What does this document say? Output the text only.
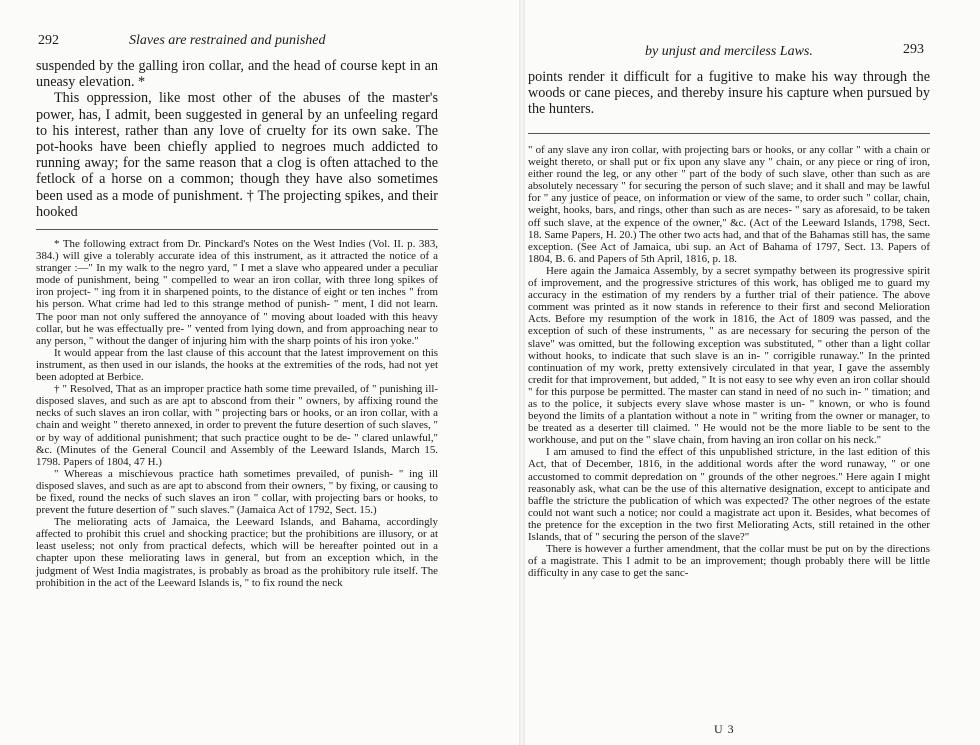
292	Slaves are restrained and punished

suspended by the galling iron collar, and the head of course kept in an uneasy elevation. *

This oppression, like most other of the abuses of the master's power, has, I admit, been suggested in general by an unfeeling regard to his interest, rather than any love of cruelty for its own sake. The pot-hooks have been chiefly applied to negroes much addicted to running away; for the same reason that a clog is often attached to the fetlock of a horse on a common; though they have also sometimes been used as a mode of punishment. † The projecting spikes, and their hooked

* The following extract from Dr. Pinckard's Notes on the West Indies (Vol. II. p. 383, 384.) will give a tolerably accurate idea of this instrument, as it attracted the notice of a stranger :—" In my walk to the negro yard, " I met a slave who appeared under a peculiar mode of punishment, being " compelled to wear an iron collar, with three long spikes of iron project- " ing from it in sharpened points, to the distance of eight or ten inches " from his person. What crime had led to this strange method of punish- " ment, I did not learn. The poor man not only suffered the annoyance of " moving about loaded with this heavy collar, but he was effectually pre- " vented from lying down, and from approaching near to any person, " without the danger of injuring him with the sharp points of his iron yoke."

It would appear from the last clause of this account that the latest improvement on this instrument, as then used in our islands, the hooks at the extremities of the rods, had not yet been adopted at Berbice.

† " Resolved, That as an improper practice hath some time prevailed, of " punishing ill-disposed slaves, and such as are apt to abscond from their " owners, by affixing round the necks of such slaves an iron collar, with " projecting bars or hooks, or an iron collar, with a chain and weight " thereto annexed, in order to prevent the future desertion of such slaves, " or by way of additional punishment; that such practice ought to be de- " clared unlawful," &c. (Minutes of the General Council and Assembly of the Leeward Islands, March 15. 1798. Papers of 1804, 47 H.)

" Whereas a mischievous practice hath sometimes prevailed, of punish- " ing ill disposed slaves, and such as are apt to abscond from their owners, " by fixing, or causing to be fixed, round the necks of such slaves an iron " collar, with projecting bars or hooks, to prevent the future desertion of " such slaves." (Jamaica Act of 1792, Sect. 15.)

The meliorating acts of Jamaica, the Leeward Islands, and Bahama, accordingly affected to prohibit this cruel and shocking practice; but the prohibitions are illusory, or at least useless; not only from practical defects, which will be hereafter pointed out in a chapter upon these meliorating laws in general, but from an exception which, in the judgment of West India magistrates, is probably as broad as the prohibitory rule itself. The prohibition in the act of the Leeward Islands is, " to fix round the neck

by unjust and merciless Laws.	293

points render it difficult for a fugitive to make his way through the woods or cane pieces, and thereby insure his capture when pursued by the hunters.

" of any slave any iron collar, with projecting bars or hooks, or any collar " with a chain or weight thereto, or shall put or fix upon any slave any " chain, or any piece or ring of iron, either round the leg, or any other " part of the body of such slave, other than such as are absolutely necessary " for securing the person of such slave; and it shall and may be lawful for " any justice of peace, on information or view of the same, to order such " collar, chain, weight, hooks, bars, and rings, other than such as are neces- " sary as aforesaid, to be taken off such slave, at the expence of the owner," &c. (Act of the Leeward Islands, 1798, Sect. 18. Same Papers, H. 20.) The other two acts had, and that of the Bahamas still has, the same exception. (See Act of Jamaica, ubi sup. an Act of Bahama of 1797, Sect. 13. Papers of 1804, B. 6. and Papers of 5th April, 1816, p. 18.

Here again the Jamaica Assembly, by a secret sympathy between its progressive spirit of improvement, and the progressive strictures of this work, has obliged me to guard my accuracy in the estimation of my renders by a further trial of their patience. The above comment was printed as it now stands in reference to their first and second Melioration Acts. Before my resumption of the work in 1816, the Act of 1809 was passed, and the exception of such of these instruments, " as are necessary for securing the person of the slave" was omitted, but the following exception was substituted, " other than a light collar without hooks, to indicate that such slave is an in- " corrigible runaway." In the printed continuation of my work, pretty extensively circulated in that year, I gave the assembly credit for that improvement, but added, " It is not easy to see why even an iron collar should " for this purpose be permitted. The master can stand in need of no such in- " timation; and as to the police, it subjects every slave whose master is un- " known, or who is found beyond the limits of a plantation without a note in " writing from the owner or manager, to be treated as a deserter till claimed. " He would not be the more liable to be sent to the workhouse, and put on the " slave chain, from having an iron collar on his neck."

I am amused to find the effect of this unpublished stricture, in the last edition of this Act, that of December, 1816, in the additional words after the word runaway, " or one accustomed to commit depredation on " grounds of the other negroes." Here again I might reasonably ask, what can be the use of this alternative designation, except to anticipate and baffle the stricture the publication of which was expected? The other negroes of the estate could not want such a notice; nor could a magistrate act upon it. Besides, what becomes of the pretence for the exception in the two first Meliorating Acts, still retained in the other Islands, that of " securing the person of the slave?"

There is however a further amendment, that the collar must be put on by the directions of a magistrate. This I admit to be an improvement; though probably there will be little difficulty in any case to get the sanc-

U 3
